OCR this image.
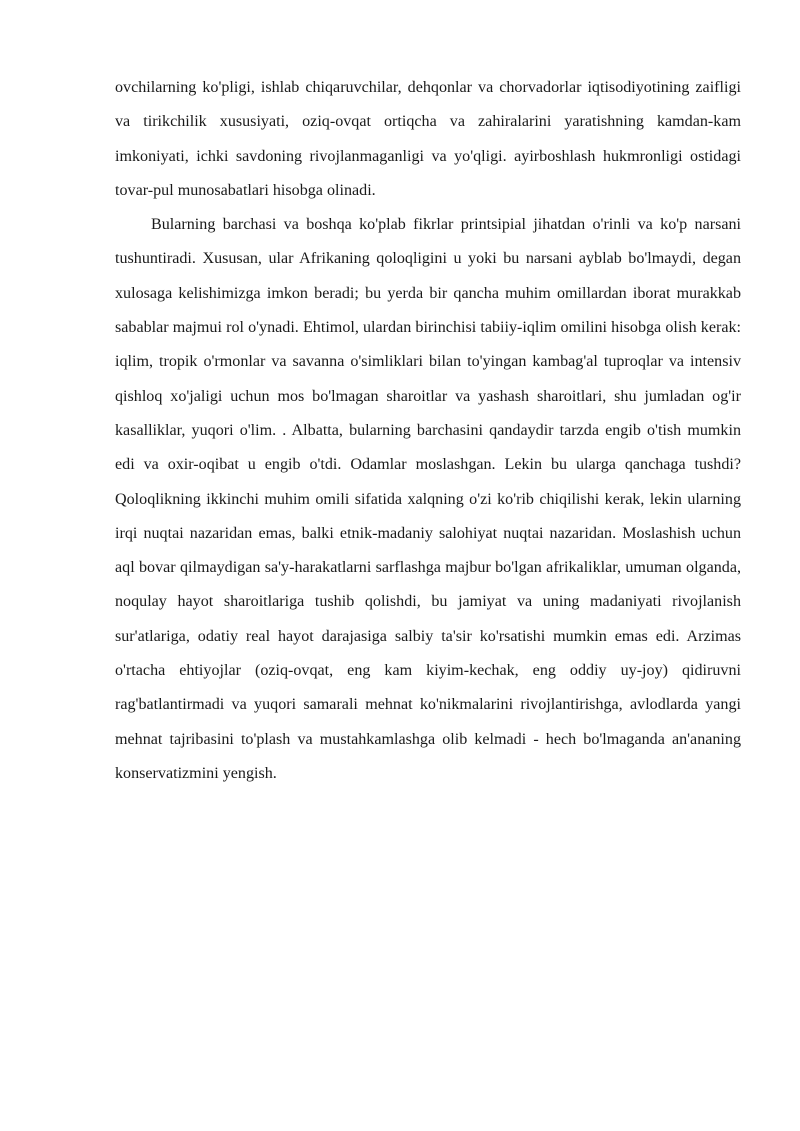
ovchilarning ko'pligi, ishlab chiqaruvchilar, dehqonlar va chorvadorlar iqtisodiyotining zaifligi va tirikchilik xususiyati, oziq-ovqat ortiqcha va zahiralarini yaratishning kamdan-kam imkoniyati, ichki savdoning rivojlanmaganligi va yo'qligi. ayirboshlash hukmronligi ostidagi tovar-pul munosabatlari hisobga olinadi.

Bularning barchasi va boshqa ko'plab fikrlar printsipial jihatdan o'rinli va ko'p narsani tushuntiradi. Xususan, ular Afrikaning qoloqligini u yoki bu narsani ayblab bo'lmaydi, degan xulosaga kelishimizga imkon beradi; bu yerda bir qancha muhim omillardan iborat murakkab sabablar majmui rol o'ynadi. Ehtimol, ulardan birinchisi tabiiy-iqlim omilini hisobga olish kerak: iqlim, tropik o'rmonlar va savanna o'simliklari bilan to'yingan kambag'al tuproqlar va intensiv qishloq xo'jaligi uchun mos bo'lmagan sharoitlar va yashash sharoitlari, shu jumladan og'ir kasalliklar, yuqori o'lim. . Albatta, bularning barchasini qandaydir tarzda engib o'tish mumkin edi va oxir-oqibat u engib o'tdi. Odamlar moslashgan. Lekin bu ularga qanchaga tushdi? Qoloqlikning ikkinchi muhim omili sifatida xalqning o'zi ko'rib chiqilishi kerak, lekin ularning irqi nuqtai nazaridan emas, balki etnik-madaniy salohiyat nuqtai nazaridan. Moslashish uchun aql bovar qilmaydigan sa'y-harakatlarni sarflashga majbur bo'lgan afrikaliklar, umuman olganda, noqulay hayot sharoitlariga tushib qolishdi, bu jamiyat va uning madaniyati rivojlanish sur'atlariga, odatiy real hayot darajasiga salbiy ta'sir ko'rsatishi mumkin emas edi. Arzimas o'rtacha ehtiyojlar (oziq-ovqat, eng kam kiyim-kechak, eng oddiy uy-joy) qidiruvni rag'batlantirmadi va yuqori samarali mehnat ko'nikmalarini rivojlantirishga, avlodlarda yangi mehnat tajribasini to'plash va mustahkamlashga olib kelmadi - hech bo'lmaganda an'ananing konservatizmini yengish.
